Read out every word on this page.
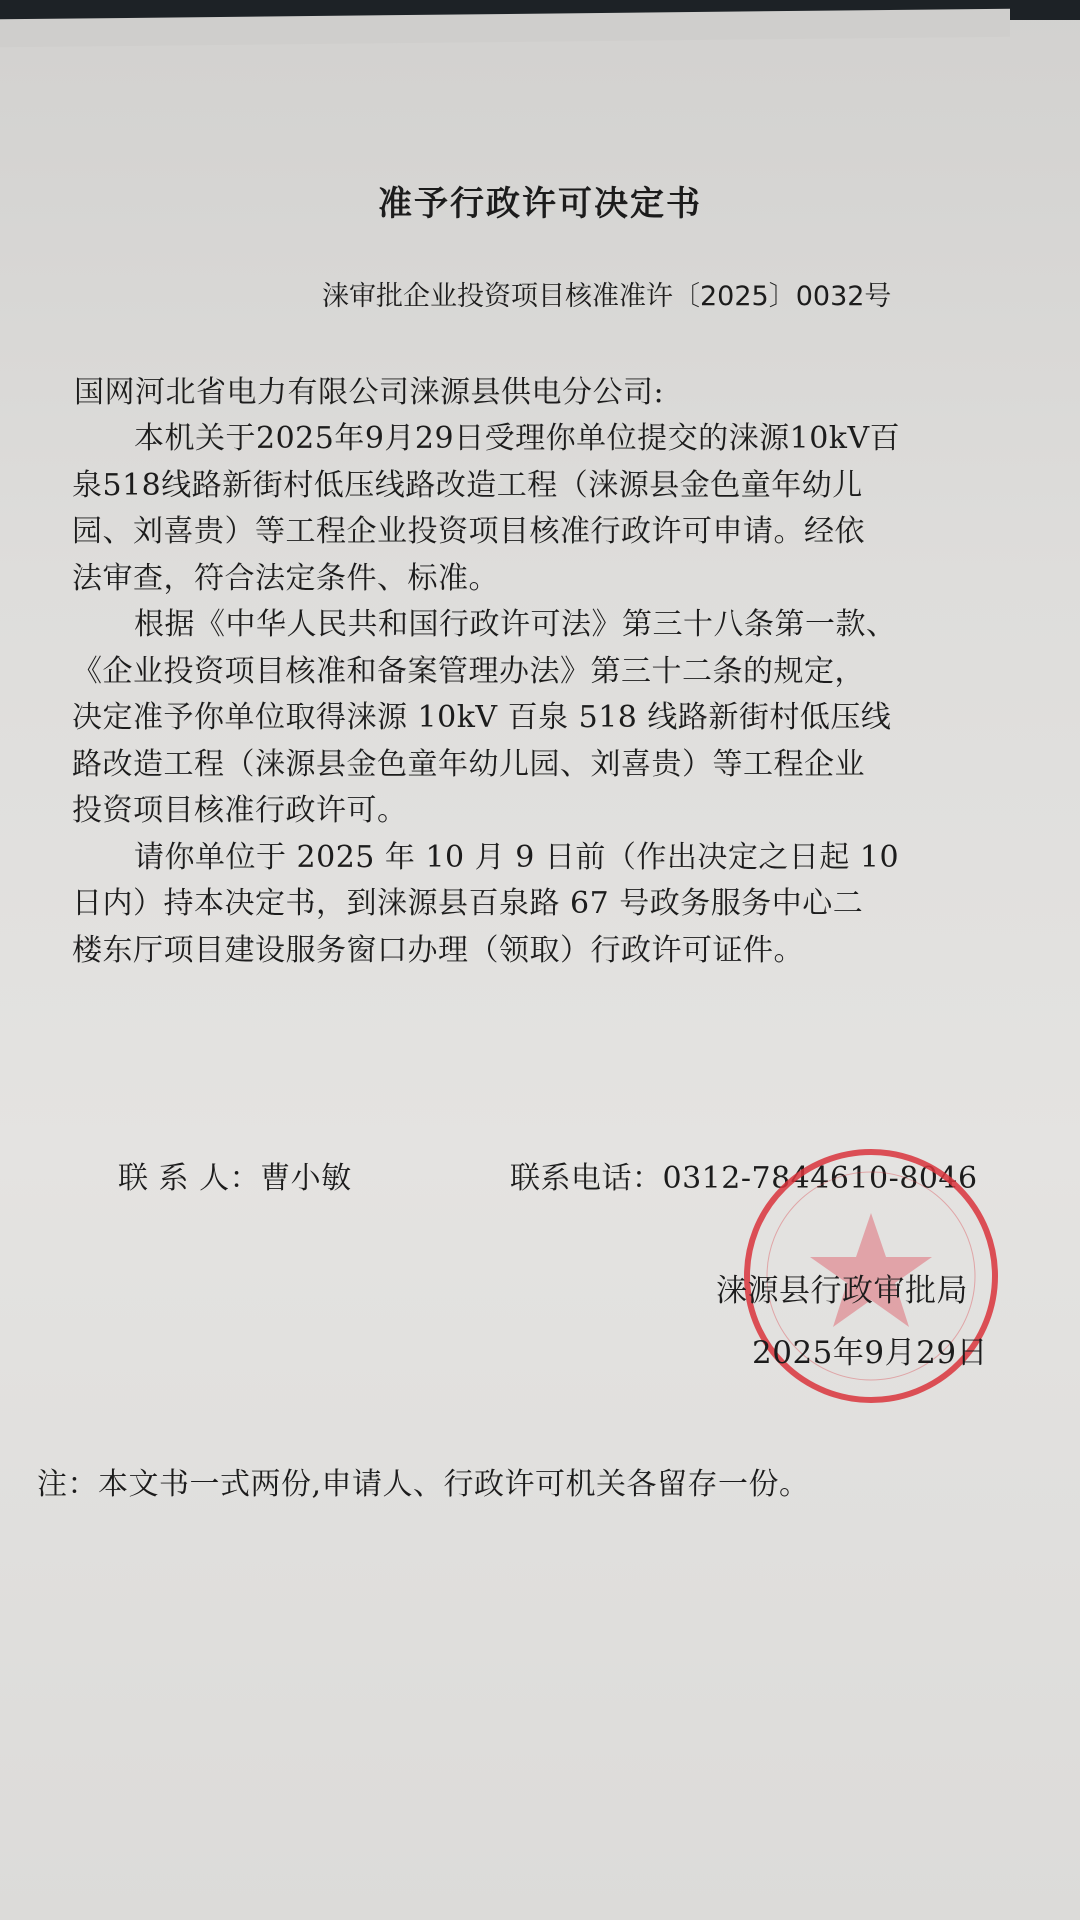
准予行政许可决定书
涞审批企业投资项目核准准许〔2025〕0032号
国网河北省电力有限公司涞源县供电分公司:
本机关于2025年9月29日受理你单位提交的涞源10kV百
泉518线路新街村低压线路改造工程（涞源县金色童年幼儿
园、刘喜贵）等工程企业投资项目核准行政许可申请。经依
法审查，符合法定条件、标准。
根据《中华人民共和国行政许可法》第三十八条第一款、
《企业投资项目核准和备案管理办法》第三十二条的规定，
决定准予你单位取得涞源 10kV 百泉 518 线路新街村低压线
路改造工程（涞源县金色童年幼儿园、刘喜贵）等工程企业
投资项目核准行政许可。
请你单位于 2025 年 10 月 9 日前（作出决定之日起 10
日内）持本决定书，到涞源县百泉路 67 号政务服务中心二
楼东厅项目建设服务窗口办理（领取）行政许可证件。
联 系 人：曹小敏	联系电话：0312-7844610-8046
涞源县行政审批局
2025年9月29日
注：本文书一式两份,申请人、行政许可机关各留存一份。
